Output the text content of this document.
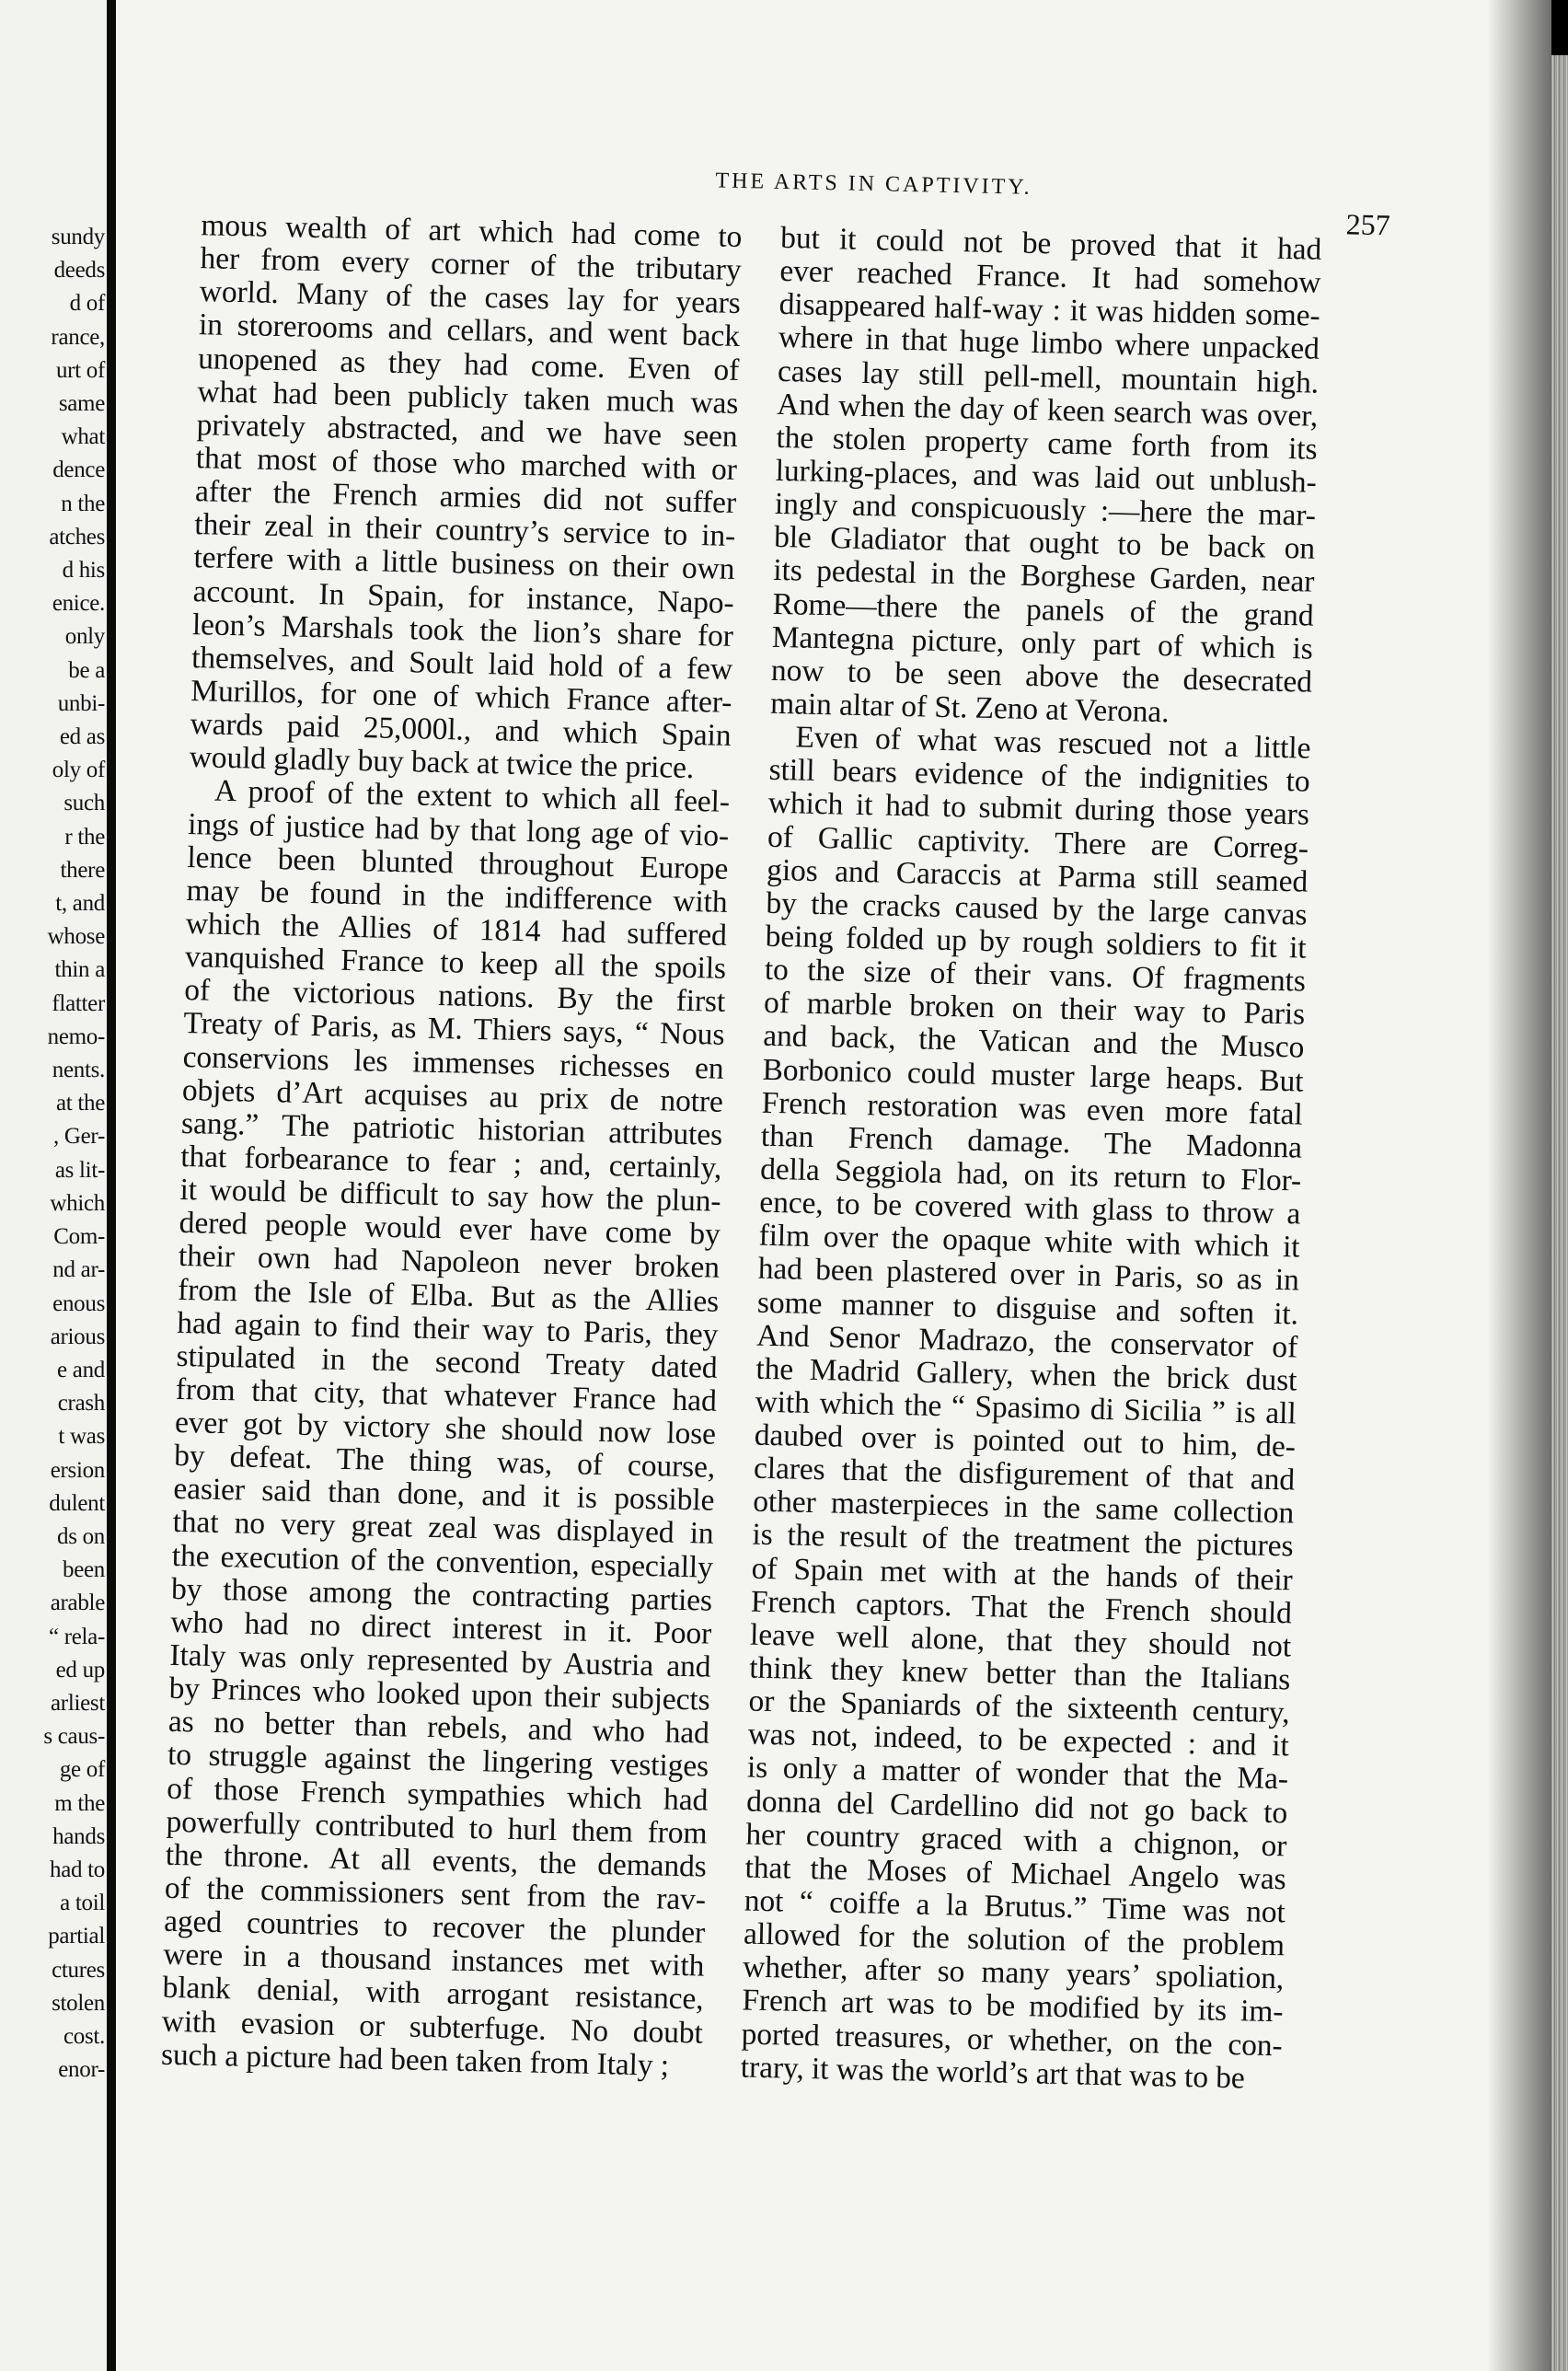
sundy
deeds
d of
rance,
urt of
same
what
dence
n the
atches
d his
enice.
only
be a
unbi-
ed as
oly of
such
r the
there
t, and
whose
thin a
flatter
nemo-
nents.
at the
, Ger-
as lit-
which
Com-
nd ar-
enous
arious
e and
crash
t was
ersion
dulent
ds on
been
arable
“ rela-
ed up
arliest
s caus-
ge of
m the
hands
had to
a toil
partial
ctures
stolen
cost.
enor-
THE ARTS IN CAPTIVITY.
257
mous wealth of art which had come to
her from every corner of the tributary
world. Many of the cases lay for years
in storerooms and cellars, and went back
unopened as they had come. Even of
what had been publicly taken much was
privately abstracted, and we have seen
that most of those who marched with or
after the French armies did not suffer
their zeal in their country’s service to in-
terfere with a little business on their own
account. In Spain, for instance, Napo-
leon’s Marshals took the lion’s share for
themselves, and Soult laid hold of a few
Murillos, for one of which France after-
wards paid 25,000l., and which Spain
would gladly buy back at twice the price.
A proof of the extent to which all feel-
ings of justice had by that long age of vio-
lence been blunted throughout Europe
may be found in the indifference with
which the Allies of 1814 had suffered
vanquished France to keep all the spoils
of the victorious nations. By the first
Treaty of Paris, as M. Thiers says, “ Nous
conservions les immenses richesses en
objets d’Art acquises au prix de notre
sang.” The patriotic historian attributes
that forbearance to fear ; and, certainly,
it would be difficult to say how the plun-
dered people would ever have come by
their own had Napoleon never broken
from the Isle of Elba. But as the Allies
had again to find their way to Paris, they
stipulated in the second Treaty dated
from that city, that whatever France had
ever got by victory she should now lose
by defeat. The thing was, of course,
easier said than done, and it is possible
that no very great zeal was displayed in
the execution of the convention, especially
by those among the contracting parties
who had no direct interest in it. Poor
Italy was only represented by Austria and
by Princes who looked upon their subjects
as no better than rebels, and who had
to struggle against the lingering vestiges
of those French sympathies which had
powerfully contributed to hurl them from
the throne. At all events, the demands
of the commissioners sent from the rav-
aged countries to recover the plunder
were in a thousand instances met with
blank denial, with arrogant resistance,
with evasion or subterfuge. No doubt
such a picture had been taken from Italy ;
but it could not be proved that it had
ever reached France. It had somehow
disappeared half-way : it was hidden some-
where in that huge limbo where unpacked
cases lay still pell-mell, mountain high.
And when the day of keen search was over,
the stolen property came forth from its
lurking-places, and was laid out unblush-
ingly and conspicuously :—here the mar-
ble Gladiator that ought to be back on
its pedestal in the Borghese Garden, near
Rome—there the panels of the grand
Mantegna picture, only part of which is
now to be seen above the desecrated
main altar of St. Zeno at Verona.
Even of what was rescued not a little
still bears evidence of the indignities to
which it had to submit during those years
of Gallic captivity. There are Correg-
gios and Caraccis at Parma still seamed
by the cracks caused by the large canvas
being folded up by rough soldiers to fit it
to the size of their vans. Of fragments
of marble broken on their way to Paris
and back, the Vatican and the Musco
Borbonico could muster large heaps. But
French restoration was even more fatal
than French damage. The Madonna
della Seggiola had, on its return to Flor-
ence, to be covered with glass to throw a
film over the opaque white with which it
had been plastered over in Paris, so as in
some manner to disguise and soften it.
And Senor Madrazo, the conservator of
the Madrid Gallery, when the brick dust
with which the “ Spasimo di Sicilia ” is all
daubed over is pointed out to him, de-
clares that the disfigurement of that and
other masterpieces in the same collection
is the result of the treatment the pictures
of Spain met with at the hands of their
French captors. That the French should
leave well alone, that they should not
think they knew better than the Italians
or the Spaniards of the sixteenth century,
was not, indeed, to be expected : and it
is only a matter of wonder that the Ma-
donna del Cardellino did not go back to
her country graced with a chignon, or
that the Moses of Michael Angelo was
not “ coiffe a la Brutus.” Time was not
allowed for the solution of the problem
whether, after so many years’ spoliation,
French art was to be modified by its im-
ported treasures, or whether, on the con-
trary, it was the world’s art that was to be
